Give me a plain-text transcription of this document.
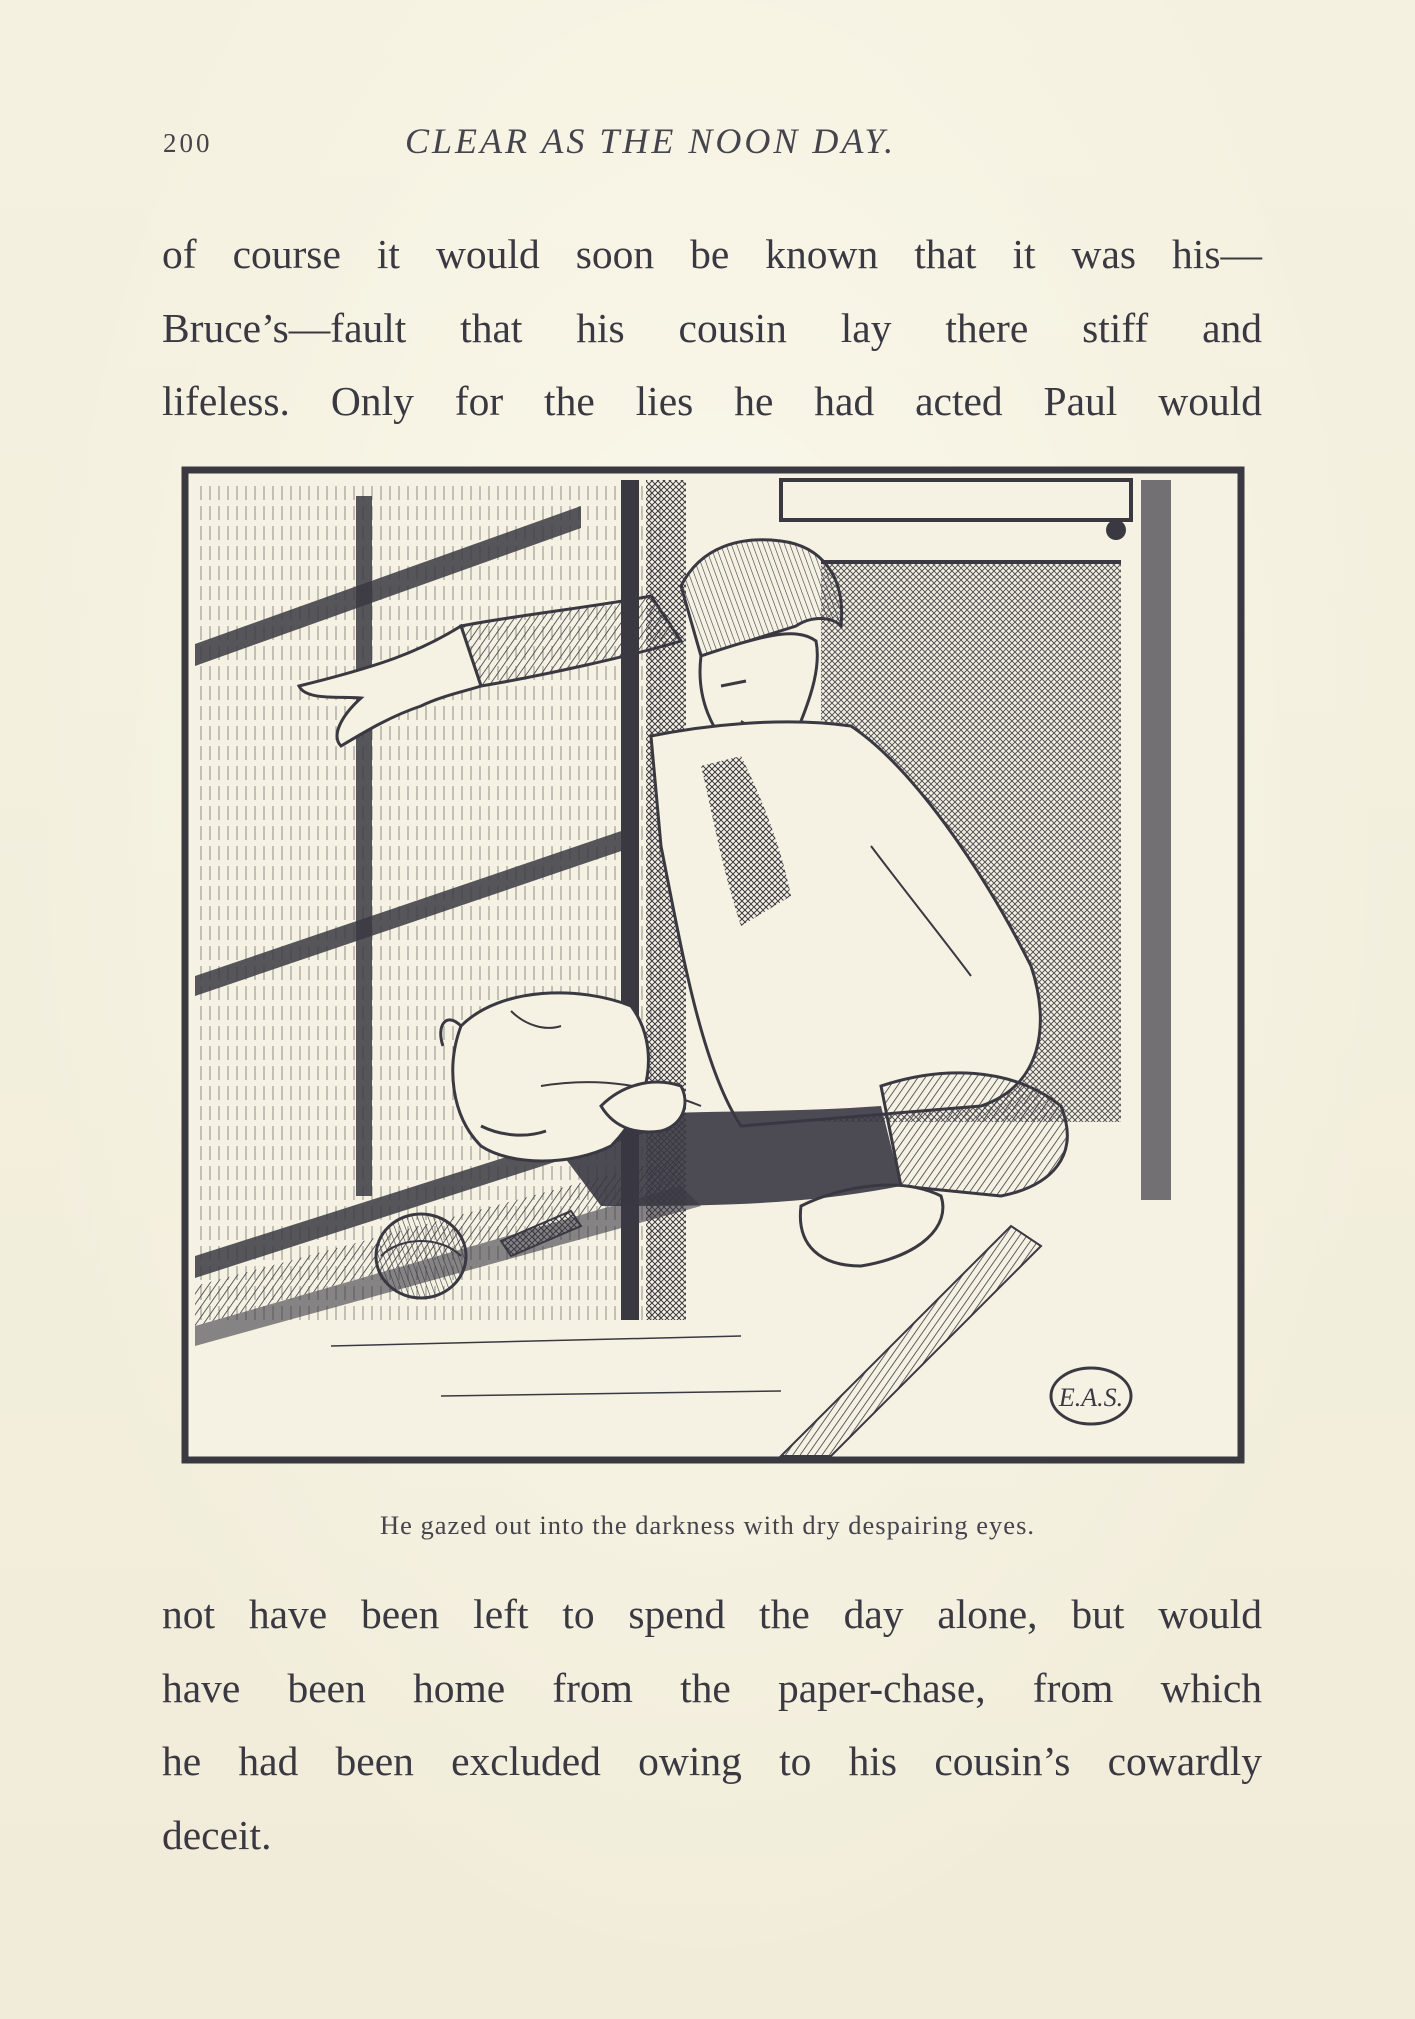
200	CLEAR AS THE NOON DAY.

of course it would soon be known that it was his—
Bruce’s—fault that his cousin lay there stiff and
lifeless. Only for the lies he had acted Paul would

E.A.S.

He gazed out into the darkness with dry despairing eyes.

not have been left to spend the day alone, but would
have been home from the paper-chase, from which
he had been excluded owing to his cousin’s cowardly
deceit.
